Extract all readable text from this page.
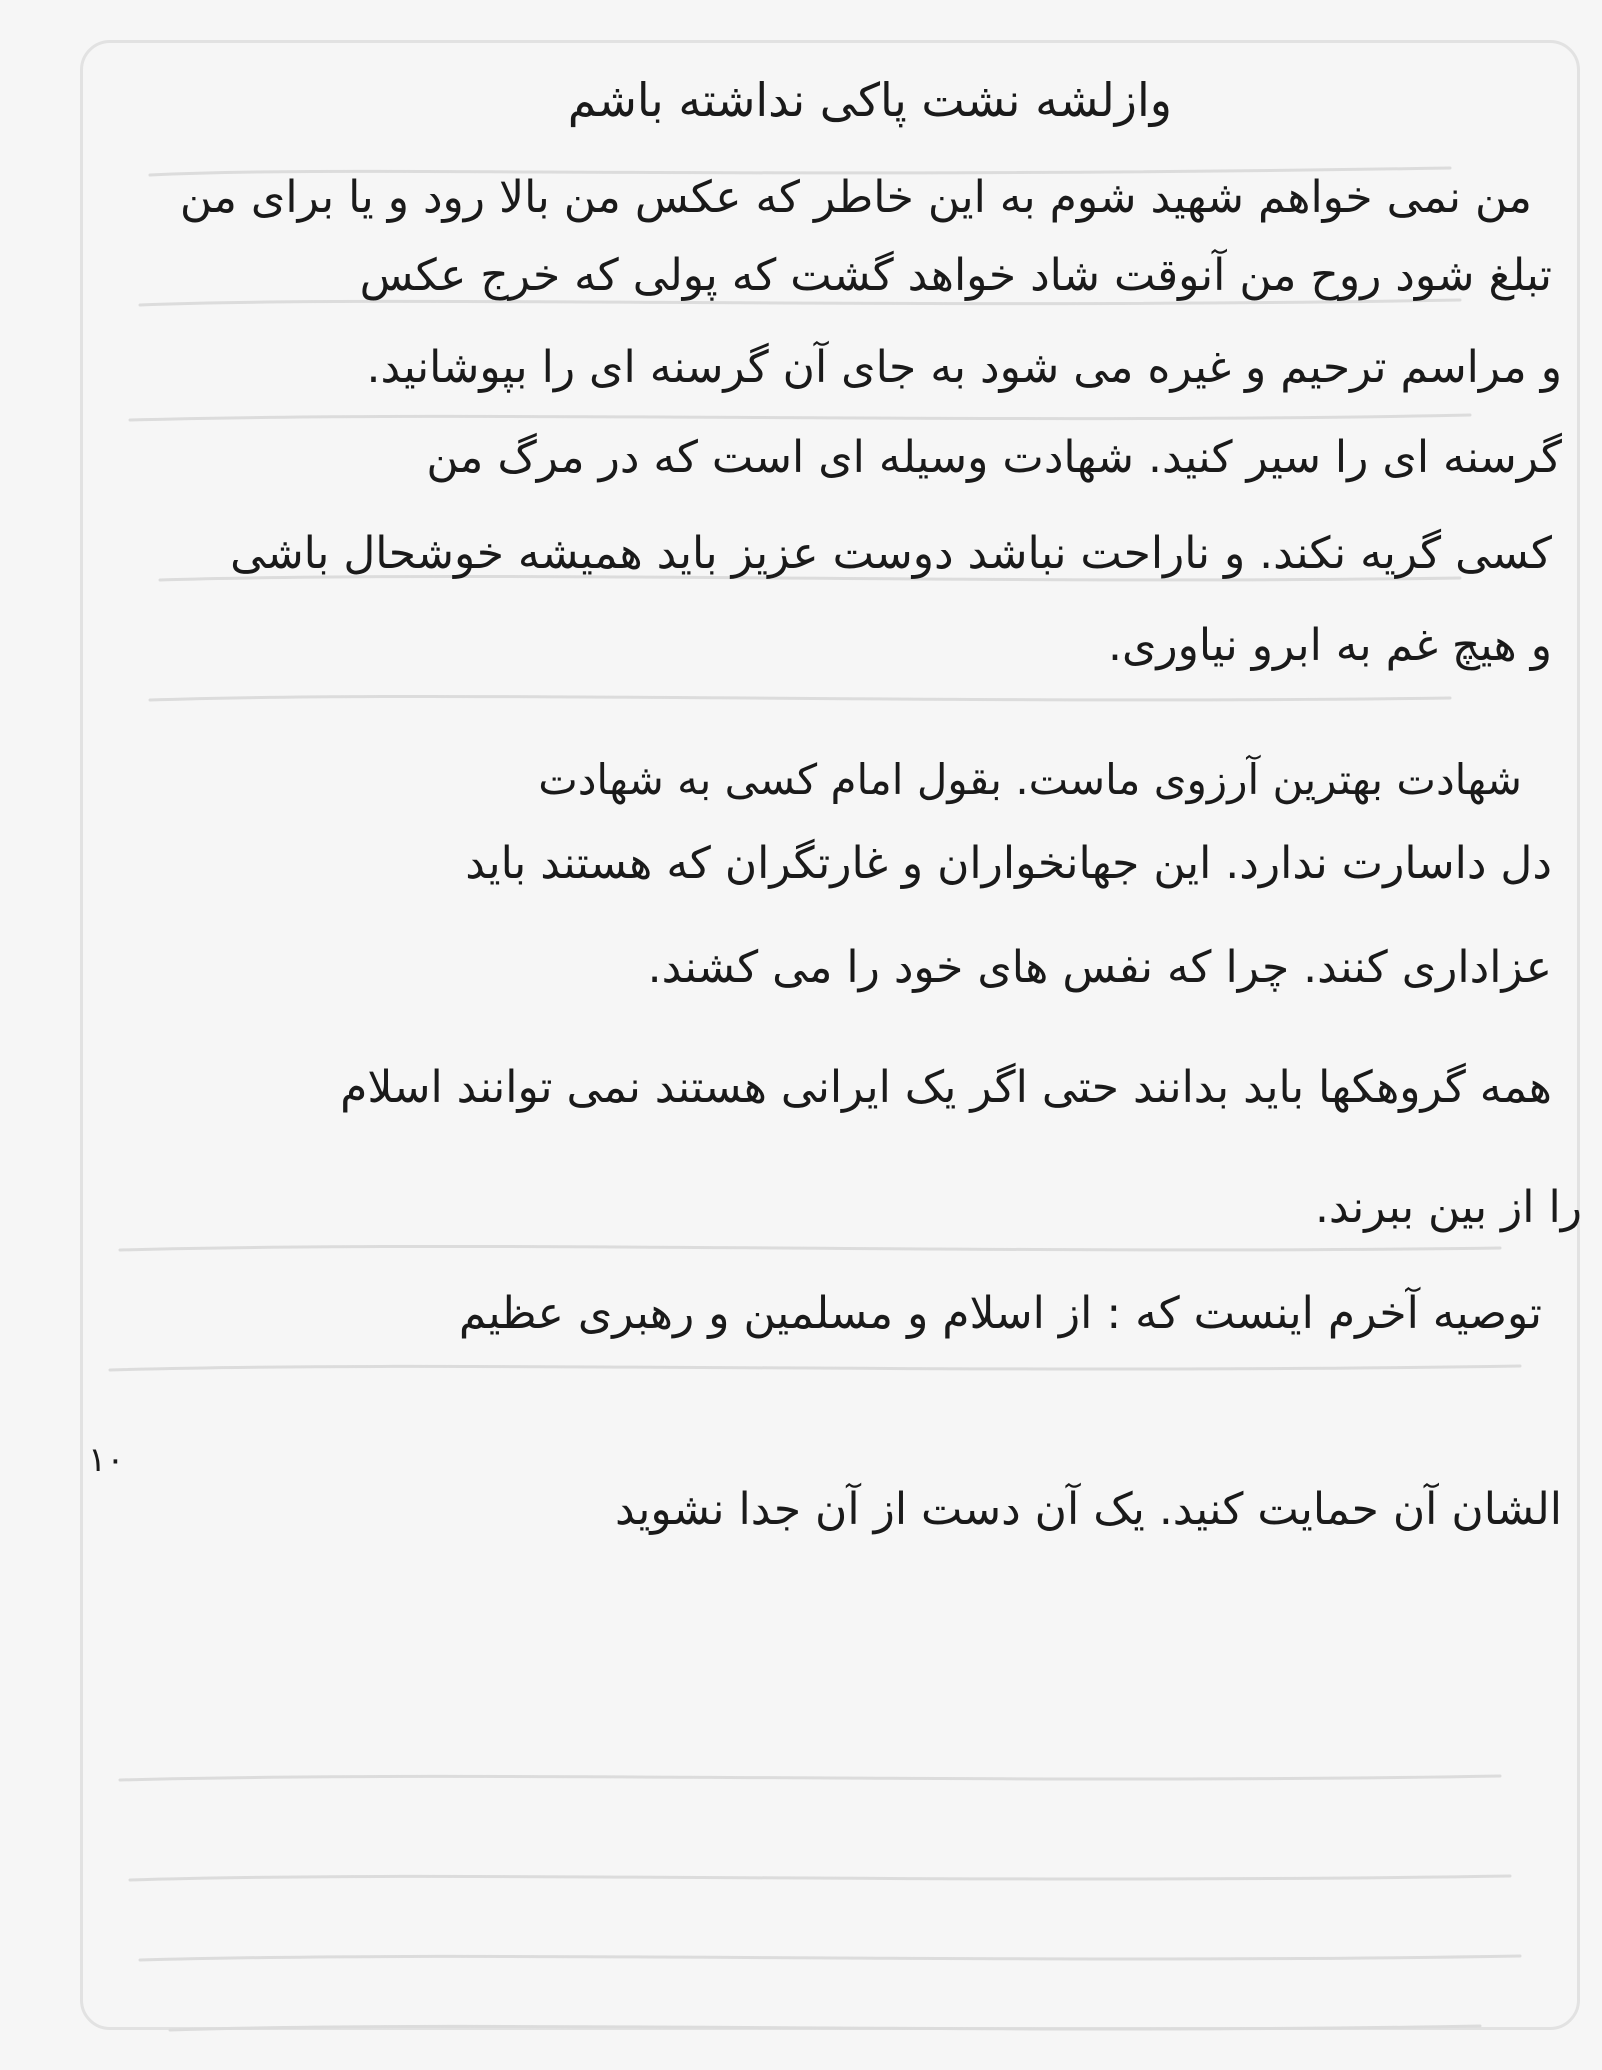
وازلشه نشت پاکی نداشته باشم
من نمی خواهم شهید شوم به این خاطر که عکس من بالا رود و یا برای من
تبلغ شود روح من آنوقت شاد خواهد گشت که پولی که خرج عکس
و مراسم ترحیم و غیره می شود به جای آن گرسنه ای را بپوشانید.
گرسنه ای را سیر کنید. شهادت وسیله ای است که در مرگ من
کسی گریه نکند. و ناراحت نباشد دوست عزیز باید همیشه خوشحال باشی
و هیچ غم به ابرو نیاوری.
شهادت بهترین آرزوی ماست. بقول امام کسی به شهادت
دل داسارت ندارد. این جهانخواران و غارتگران که هستند باید
عزاداری کنند. چرا که نفس های خود را می کشند.
همه گروهکها باید بدانند حتی اگر یک ایرانی هستند نمی توانند اسلام
را از بین ببرند.
توصیه آخرم اینست که : از اسلام و مسلمین و رهبری عظیم
الشان آن حمایت کنید. یک آن دست از آن جدا نشوید
۱۰
